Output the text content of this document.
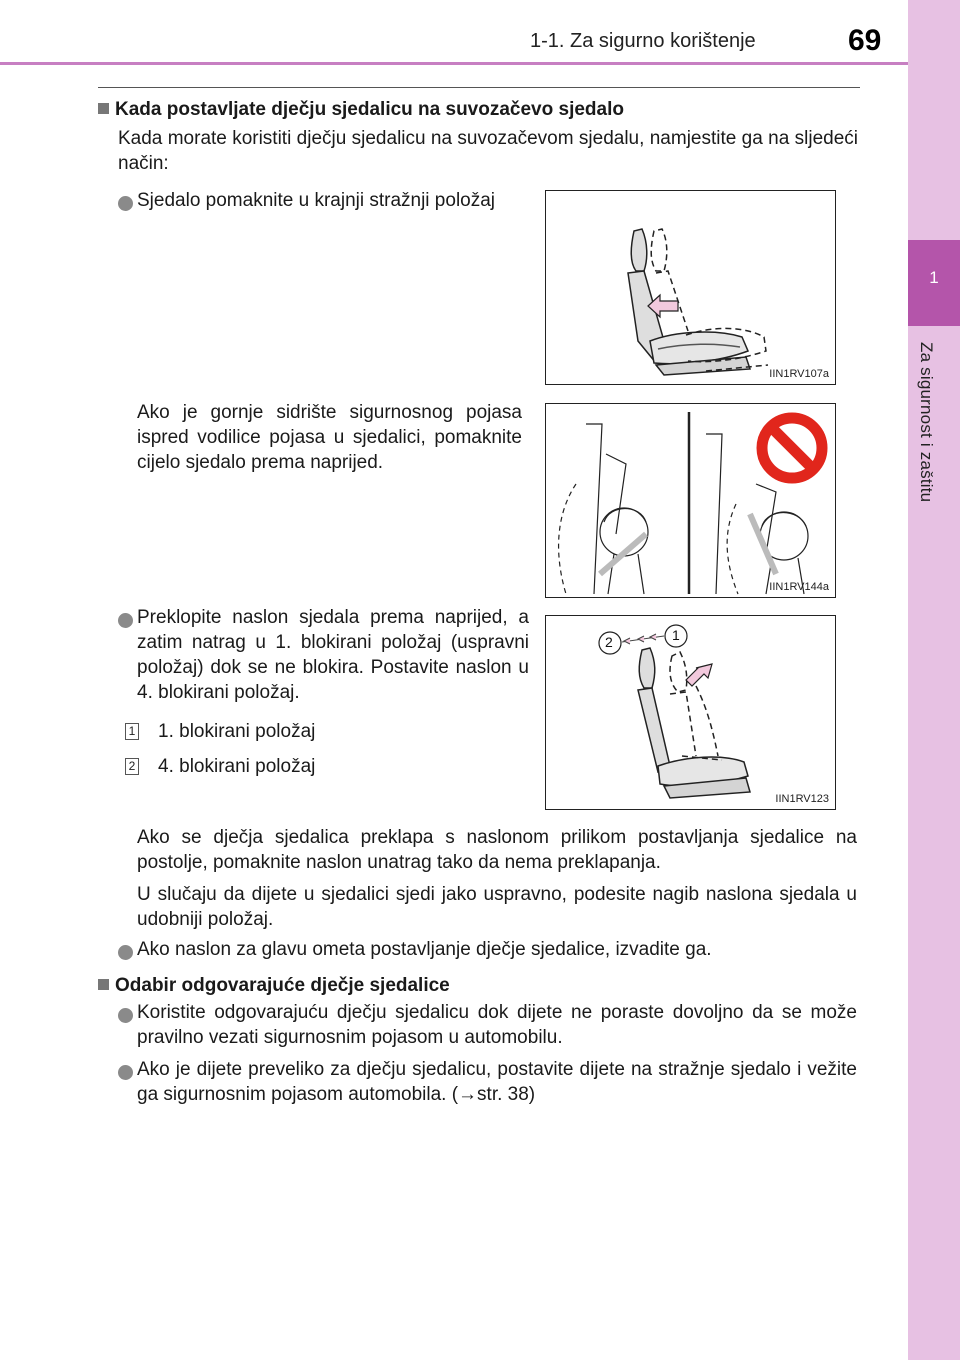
1-1. Za sigurno korištenje	69
1
Za sigurnost i zaštitu
Kada postavljate dječju sjedalicu na suvozačevo sjedalo
Kada morate koristiti dječju sjedalicu na suvozačevom sjedalu, namjestite ga na sljedeći način:
Sjedalo pomaknite u krajnji stražnji položaj
Ako je gornje sidrište sigurnosnog pojasa ispred vodilice pojasa u sjedalici, pomaknite cijelo sjedalo prema naprijed.
Preklopite naslon sjedala prema naprijed, a zatim natrag u 1. blokirani položaj (uspravni položaj) dok se ne blokira. Postavite naslon u 4. blokirani položaj.
1 1. blokirani položaj
2 4. blokirani položaj
Ako se dječja sjedalica preklapa s naslonom prilikom postavljanja sjedalice na postolje, pomaknite naslon unatrag tako da nema preklapanja.
U slučaju da dijete u sjedalici sjedi jako uspravno, podesite nagib naslona sjedala u udobniji položaj.
Ako naslon za glavu ometa postavljanje dječje sjedalice, izvadite ga.
Odabir odgovarajuće dječje sjedalice
Koristite odgovarajuću dječju sjedalicu dok dijete ne poraste dovoljno da se može pravilno vezati sigurnosnim pojasom u automobilu.
Ako je dijete preveliko za dječju sjedalicu, postavite dijete na stražnje sjedalo i vežite ga sigurnosnim pojasom automobila. (→str. 38)
IIN1RV107a
IIN1RV144a
2	1
IIN1RV123
